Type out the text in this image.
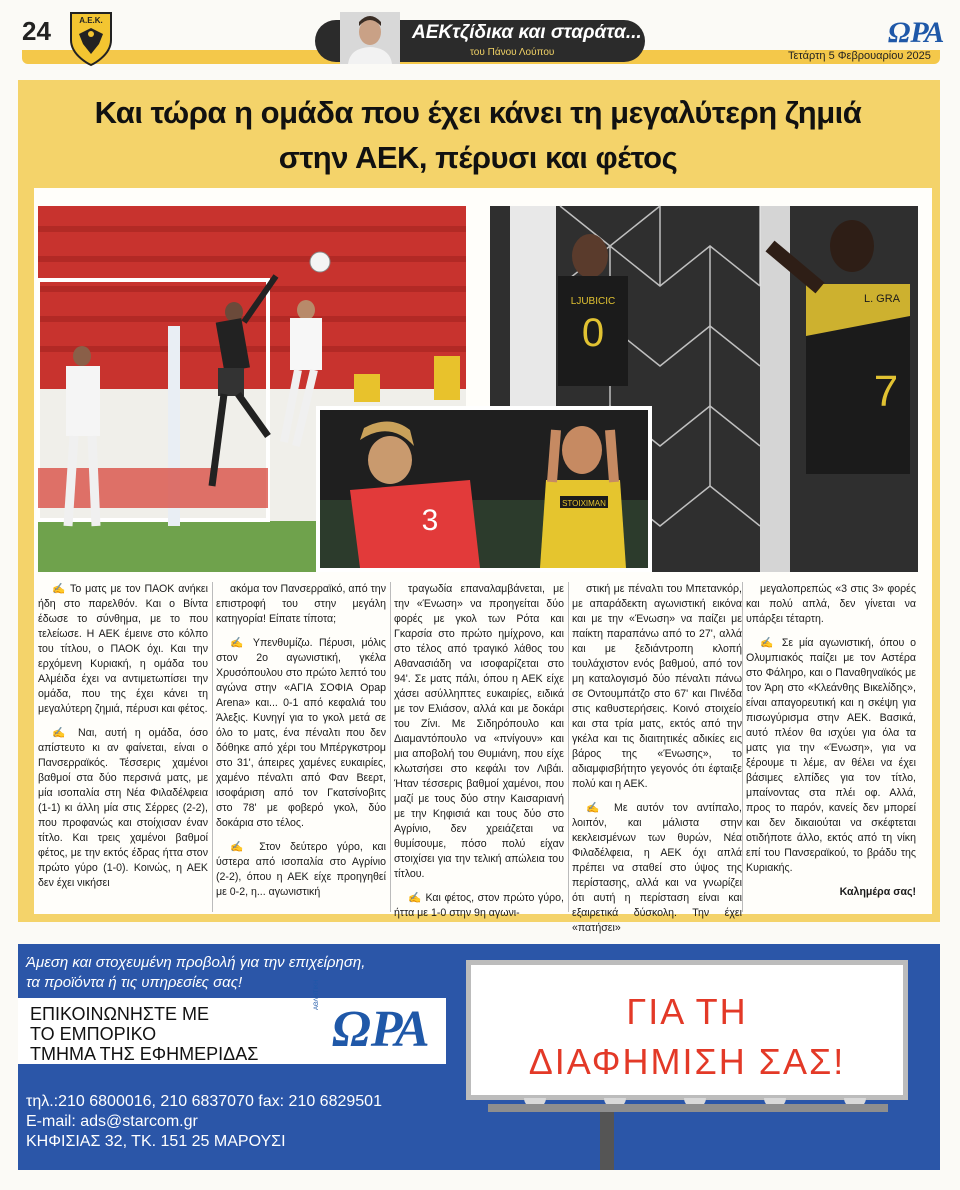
24	Α.Ε.Κ.
ΑΕΚτζίδικα και σταράτα...
του Πάνου Λούπου
ΩΡΑ
Τετάρτη 5 Φεβρουαρίου 2025
Και τώρα η ομάδα που έχει κάνει τη μεγαλύτερη ζημιά
στην ΑΕΚ, πέρυσι και φέτος
0
LJUBICIC
7
L. GRA
3
STOIXIMAN

✍ Το ματς με τον ΠΑΟΚ ανήκει ήδη στο παρελθόν. Και ο Βίντα έδωσε το σύνθημα, με το που τελείωσε. Η ΑΕΚ έμεινε στο κόλπο του τίτλου, ο ΠΑΟΚ όχι. Και την ερχόμενη Κυριακή, η ομάδα του Αλμέιδα έχει να αντιμετωπίσει την ομάδα, που της έχει κάνει τη μεγαλύτερη ζημιά, πέρυσι και φέτος.

✍ Ναι, αυτή η ομάδα, όσο απίστευτο κι αν φαίνεται, είναι ο Πανσερραϊκός. Τέσσερις χαμένοι βαθμοί στα δύο περσινά ματς, με μία ισοπαλία στη Νέα Φιλαδέλφεια (1-1) κι άλλη μία στις Σέρρες (2-2), που προφανώς και στοίχισαν έναν τίτλο. Και τρεις χαμένοι βαθμοί φέτος, με την εκτός έδρας ήττα στον πρώτο γύρο (1-0). Κοινώς, η ΑΕΚ δεν έχει νικήσει

ακόμα τον Πανσερραϊκό, από την επιστροφή του στην μεγάλη κατηγορία! Είπατε τίποτα;

✍ Υπενθυμίζω. Πέρυσι, μόλις στον 2ο αγωνιστική, γκέλα Χρυσόπουλου στο πρώτο λεπτό του αγώνα στην «ΑΓΙΑ ΣΟΦΙΑ Opap Arena» και... 0-1 από κεφαλιά του Άλεξις. Κυνηγί για το γκολ μετά σε όλο το ματς, ένα πέναλτι που δεν δόθηκε από χέρι του Μπέργκστρομ στο 31', άπειρες χαμένες ευκαιρίες, χαμένο πέναλτι από Φαν Βεερτ, ισοφάριση από τον Γκατσίνοβιτς στο 78' με φοβερό γκολ, δύο δοκάρια στο τέλος.

✍ Στον δεύτερο γύρο, και ύστερα από ισοπαλία στο Αγρίνιο (2-2), όπου η ΑΕΚ είχε προηγηθεί με 0-2, η... αγωνιστική

τραγωδία επαναλαμβάνεται, με την «Ένωση» να προηγείται δύο φορές με γκολ των Ρότα και Γκαρσία στο πρώτο ημίχρονο, και στο τέλος από τραγικό λάθος του Αθανασιάδη να ισοφαρίζεται στο 94'. Σε ματς πάλι, όπου η ΑΕΚ είχε χάσει ασύλληπτες ευκαιρίες, ειδικά με τον Ελιάσον, αλλά και με δοκάρι του Ζίνι. Με Σιδηρόπουλο και Διαμαντόπουλο να «πνίγουν» και μια αποβολή του Θυμιάνη, που είχε κλωτσήσει στο κεφάλι τον Λιβάι. Ήταν τέσσερις βαθμοί χαμένοι, που μαζί με τους δύο στην Κaισαριανή με την Κηφισιά και τους δύο στο Αγρίνιο, δεν χρειάζεται να θυμίσουμε, πόσο πολύ είχαν στοιχίσει για την τελική απώλεια του τίτλου.

✍ Και φέτος, στον πρώτο γύρο, ήττα με 1-0 στην 9η αγωνι-

στική με πέναλτι του Μπετανκόρ, με απαράδεκτη αγωνιστική εικόνα και με την «Ένωση» να παίζει με παίκτη παραπάνω από το 27', αλλά και με ξεδιάντροπη κλοπή τουλάχιστον ενός βαθμού, από τον μη καταλογισμό δύο πέναλτι πάνω σε Οντουμπάτζο στο 67' και Πινέδα στις καθυστερήσεις. Κοινό στοιχείο και στα τρία ματς, εκτός από την γκέλα και τις διαιτητικές αδικίες εις βάρος της «Ένωσης», το αδιαμφισβήτητο γεγονός ότι έφταιξε πολύ και η ΑΕΚ.

✍ Με αυτόν τον αντίπαλο, λοιπόν, και μάλιστα στην κεκλεισμένων των θυρών, Νέα Φιλαδέλφεια, η ΑΕΚ όχι απλά πρέπει να σταθεί στο ύψος της περίστασης, αλλά και να γνωρίζει ότι αυτή η περίσταση είναι και εξαιρετικά δύσκολη. Την έχει «πατήσει»

μεγαλοπρεπώς «3 στις 3» φορές και πολύ απλά, δεν γίνεται να υπάρξει τέταρτη.

✍ Σε μία αγωνιστική, όπου ο Ολυμπιακός παίζει με τον Αστέρα στο Φάληρο, και ο Παναθηναϊκός με τον Άρη στο «Κλεάνθης Βικελίδης», είναι απαγορευτική και η σκέψη για πισωγύρισμα στην ΑΕΚ. Βασικά, αυτό πλέον θα ισχύει για όλα τα ματς για την «Ένωση», για να ξέρουμε τι λέμε, αν θέλει να έχει βάσιμες ελπίδες για τον τίτλο, μπαίνοντας στα πλέι οφ. Αλλά, προς το παρόν, κανείς δεν μπορεί και δεν δικαιούται να σκέφτεται οτιδήποτε άλλο, εκτός από τη νίκη επί του Πανσεραϊκού, το βράδυ της Κυριακής.

Καλημέρα σας!

Άμεση και στοχευμένη προβολή για την επιχείρηση,
τα προϊόντα ή τις υπηρεσίες σας!
ΕΠΙΚΟΙΝΩΝΗΣΤΕ ΜΕ
ΤΟ ΕΜΠΟΡΙΚΟ
ΤΜΗΜΑ ΤΗΣ ΕΦΗΜΕΡΙΔΑΣ
ΑΘΛΗΤΙΚΗ
ΩΡΑ
τηλ.:210 6800016, 210 6837070 fax: 210 6829501
E-mail: ads@starcom.gr
ΚΗΦΙΣΙΑΣ 32, ΤΚ. 151 25 ΜΑΡΟΥΣΙ
ΓΙΑ ΤΗ
ΔΙΑΦΗΜΙΣΗ ΣΑΣ!
